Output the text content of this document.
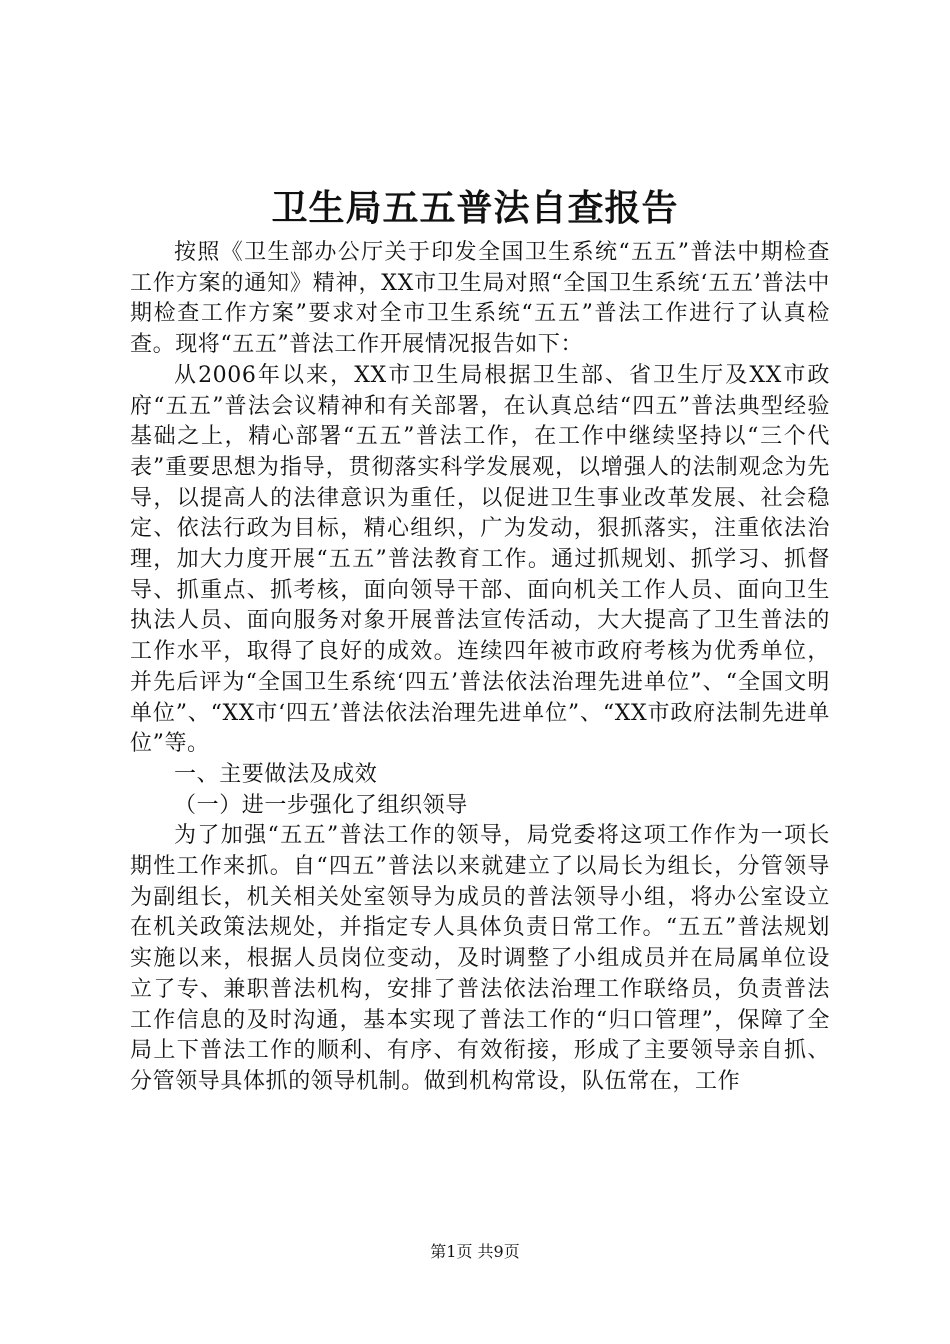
卫生局五五普法自查报告

按照《卫生部办公厅关于印发全国卫生系统“五五”普法中期检查工作方案的通知》精神，XX市卫生局对照“全国卫生系统‘五五’普法中期检查工作方案”要求对全市卫生系统“五五”普法工作进行了认真检查。现将“五五”普法工作开展情况报告如下：

从2006年以来，XX市卫生局根据卫生部、省卫生厅及XX市政府“五五”普法会议精神和有关部署，在认真总结“四五”普法典型经验基础之上，精心部署“五五”普法工作，在工作中继续坚持以“三个代表”重要思想为指导，贯彻落实科学发展观，以增强人的法制观念为先导，以提高人的法律意识为重任，以促进卫生事业改革发展、社会稳定、依法行政为目标，精心组织，广为发动，狠抓落实，注重依法治理，加大力度开展“五五”普法教育工作。通过抓规划、抓学习、抓督导、抓重点、抓考核，面向领导干部、面向机关工作人员、面向卫生执法人员、面向服务对象开展普法宣传活动，大大提高了卫生普法的工作水平，取得了良好的成效。连续四年被市政府考核为优秀单位，并先后评为“全国卫生系统‘四五’普法依法治理先进单位”、“全国文明单位”、“XX市‘四五’普法依法治理先进单位”、“XX市政府法制先进单位”等。

一、主要做法及成效

（一）进一步强化了组织领导

为了加强“五五”普法工作的领导，局党委将这项工作作为一项长期性工作来抓。自“四五”普法以来就建立了以局长为组长，分管领导为副组长，机关相关处室领导为成员的普法领导小组，将办公室设立在机关政策法规处，并指定专人具体负责日常工作。“五五”普法规划实施以来，根据人员岗位变动，及时调整了小组成员并在局属单位设立了专、兼职普法机构，安排了普法依法治理工作联络员，负责普法工作信息的及时沟通，基本实现了普法工作的“归口管理”，保障了全局上下普法工作的顺利、有序、有效衔接，形成了主要领导亲自抓、分管领导具体抓的领导机制。做到机构常设，队伍常在，工作

第1页 共9页
